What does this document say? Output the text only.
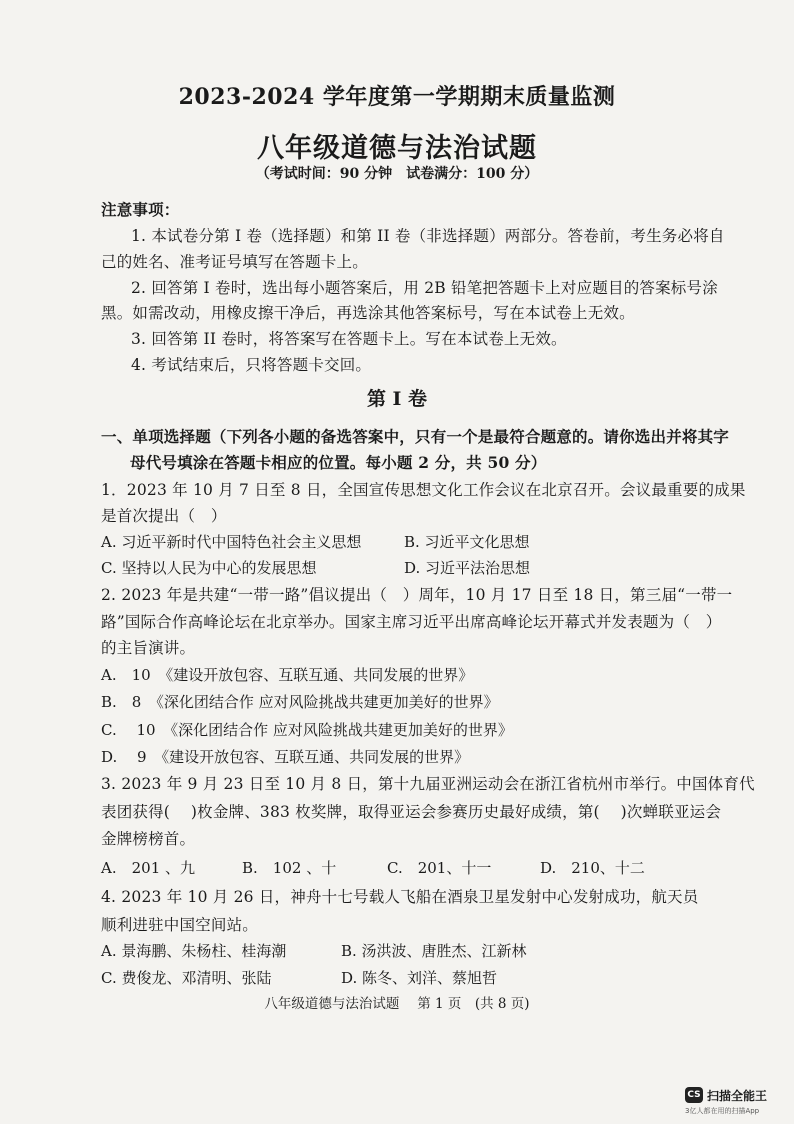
2023-2024 学年度第一学期期末质量监测
八年级道德与法治试题
（考试时间：90 分钟　试卷满分：100 分）
注意事项：
1. 本试卷分第 I 卷（选择题）和第 II 卷（非选择题）两部分。答卷前，考生务必将自
己的姓名、准考证号填写在答题卡上。
2. 回答第 I 卷时，选出每小题答案后，用 2B 铅笔把答题卡上对应题目的答案标号涂
黑。如需改动，用橡皮擦干净后，再选涂其他答案标号，写在本试卷上无效。
3. 回答第 II 卷时，将答案写在答题卡上。写在本试卷上无效。
4. 考试结束后，只将答题卡交回。
第 I 卷
一、单项选择题（下列各小题的备选答案中，只有一个是最符合题意的。请你选出并将其字
母代号填涂在答题卡相应的位置。每小题 2 分，共 50 分）
1．2023 年 10 月 7 日至 8 日，全国宣传思想文化工作会议在北京召开。会议最重要的成果
是首次提出（　）
A. 习近平新时代中国特色社会主义思想	B. 习近平文化思想
C. 坚持以人民为中心的发展思想	D. 习近平法治思想
2. 2023 年是共建“一带一路”倡议提出（　）周年，10 月 17 日至 18 日，第三届“一带一
路”国际合作高峰论坛在北京举办。国家主席习近平出席高峰论坛开幕式并发表题为（　）
的主旨演讲。
A.　10　《建设开放包容、互联互通、共同发展的世界》
B.　8　《深化团结合作 应对风险挑战共建更加美好的世界》
C.　 10　《深化团结合作 应对风险挑战共建更加美好的世界》
D.　 9　《建设开放包容、互联互通、共同发展的世界》
3. 2023 年 9 月 23 日至 10 月 8 日，第十九届亚洲运动会在浙江省杭州市举行。中国体育代
表团获得(　 )枚金牌、383 枚奖牌，取得亚运会参赛历史最好成绩，第(　 )次蝉联亚运会
金牌榜榜首。
A.　201 、九	B.　102 、十	C.　201、十一	D.　210、十二
4. 2023 年 10 月 26 日，神舟十七号载人飞船在酒泉卫星发射中心发射成功，航天员
顺利进驻中国空间站。
A. 景海鹏、朱杨柱、桂海潮	B. 汤洪波、唐胜杰、江新林
C. 费俊龙、邓清明、张陆	D. 陈冬、刘洋、蔡旭哲
八年级道德与法治试题　 第 1 页　(共 8 页)
CS 扫描全能王
3亿人都在用的扫描App
